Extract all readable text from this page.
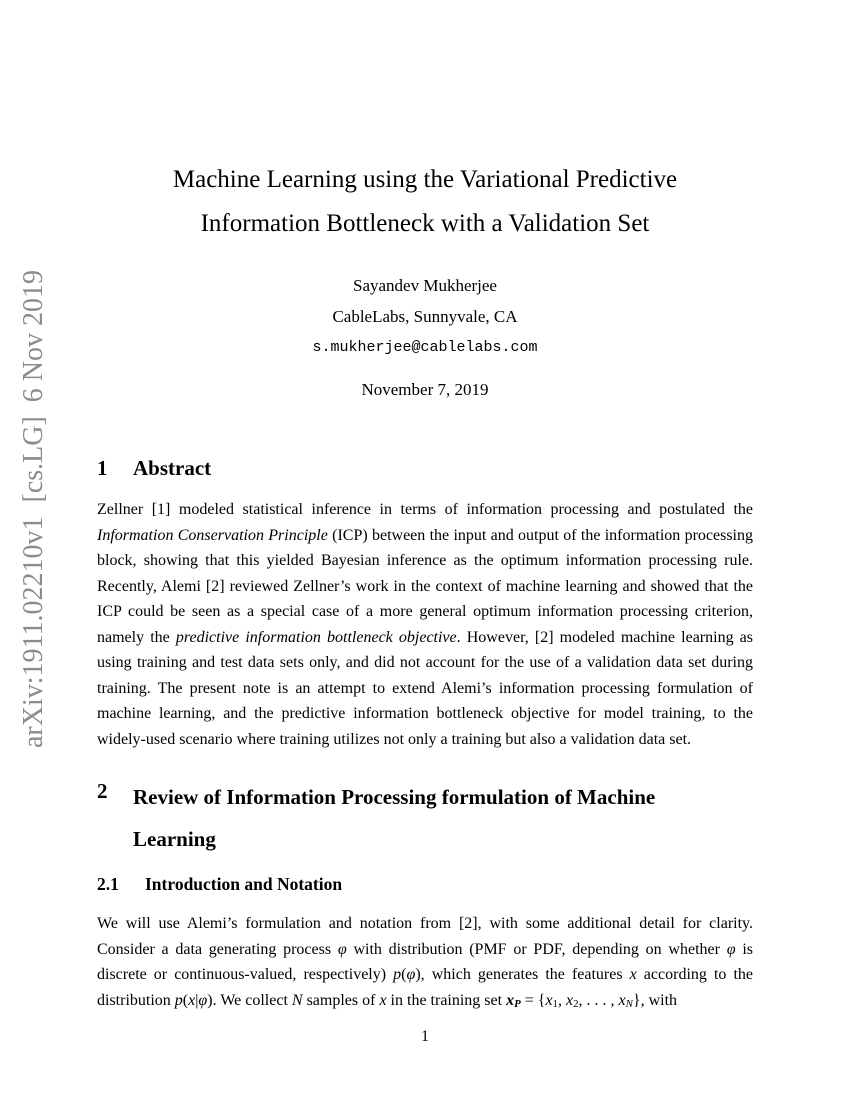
arXiv:1911.02210v1  [cs.LG]  6 Nov 2019
Machine Learning using the Variational Predictive
Information Bottleneck with a Validation Set
Sayandev Mukherjee
CableLabs, Sunnyvale, CA
s.mukherjee@cablelabs.com
November 7, 2019
1	Abstract

Zellner [1] modeled statistical inference in terms of information processing and postulated the Information Conservation Principle (ICP) between the input and output of the information processing block, showing that this yielded Bayesian inference as the optimum information processing rule. Recently, Alemi [2] reviewed Zellner’s work in the context of machine learning and showed that the ICP could be seen as a special case of a more general optimum information processing criterion, namely the predictive information bottleneck objective. However, [2] modeled machine learning as using training and test data sets only, and did not account for the use of a validation data set during training. The present note is an attempt to extend Alemi’s information processing formulation of machine learning, and the predictive information bottleneck objective for model training, to the widely-used scenario where training utilizes not only a training but also a validation data set.

2	Review of Information Processing formulation of Machine
Learning
2.1	Introduction and Notation

We will use Alemi’s formulation and notation from [2], with some additional detail for clarity. Consider a data generating process φ with distribution (PMF or PDF, depending on whether φ is discrete or continuous-valued, respectively) p(φ), which generates the features x according to the distribution p(x|φ). We collect N samples of x in the training set xP = {x1, x2, . . . , xN}, with

1
